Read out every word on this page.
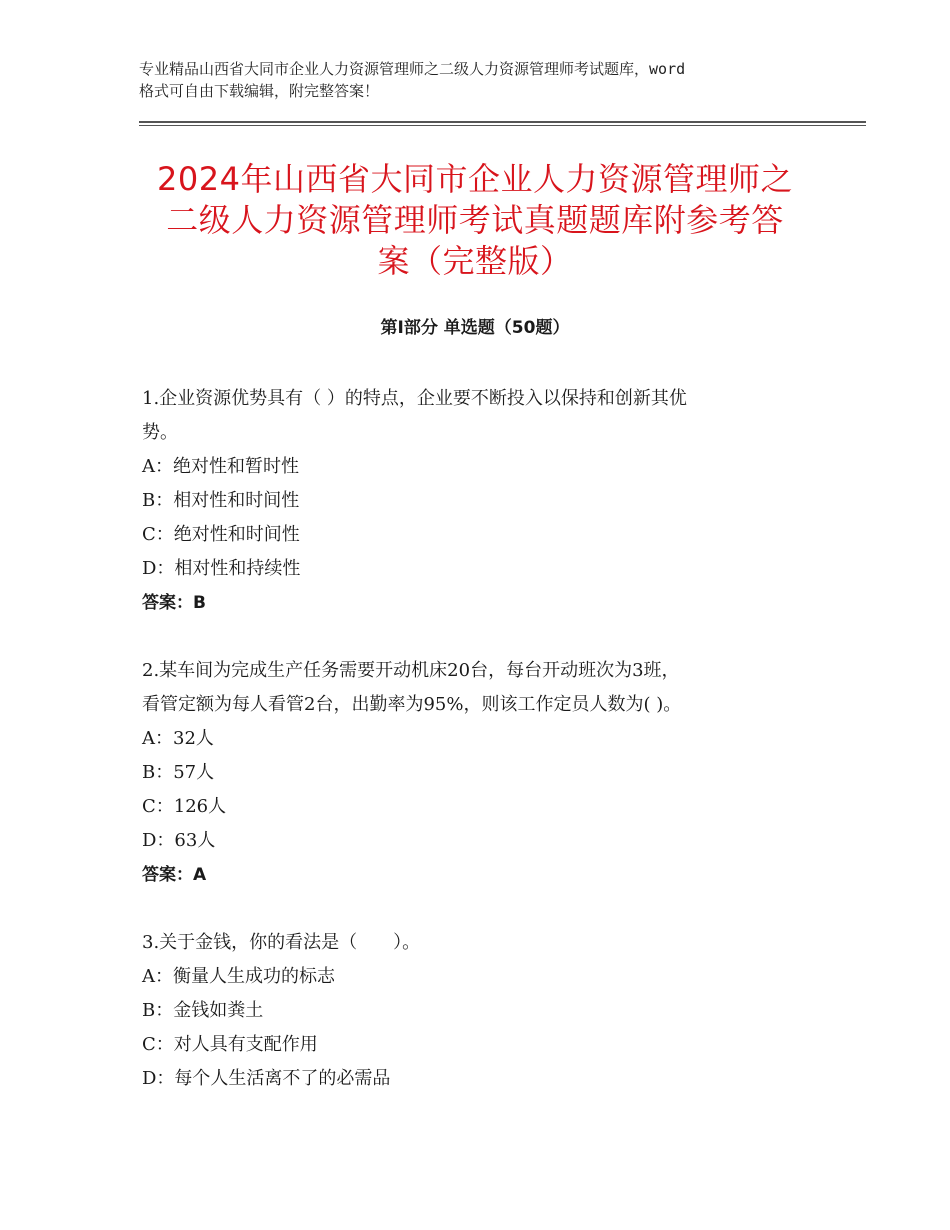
专业精品山西省大同市企业人力资源管理师之二级人力资源管理师考试题库，word
格式可自由下载编辑，附完整答案！
2024年山西省大同市企业人力资源管理师之
二级人力资源管理师考试真题题库附参考答
案（完整版）
第I部分 单选题（50题）

1.企业资源优势具有（ ）的特点，企业要不断投入以保持和创新其优

势。

A：绝对性和暂时性

B：相对性和时间性

C：绝对性和时间性

D：相对性和持续性

答案：B

2.某车间为完成生产任务需要开动机床20台，每台开动班次为3班，

看管定额为每人看管2台，出勤率为95%，则该工作定员人数为( )。

A：32人

B：57人

C：126人

D：63人

答案：A

3.关于金钱，你的看法是（　　）。

A：衡量人生成功的标志

B：金钱如粪土

C：对人具有支配作用

D：每个人生活离不了的必需品
